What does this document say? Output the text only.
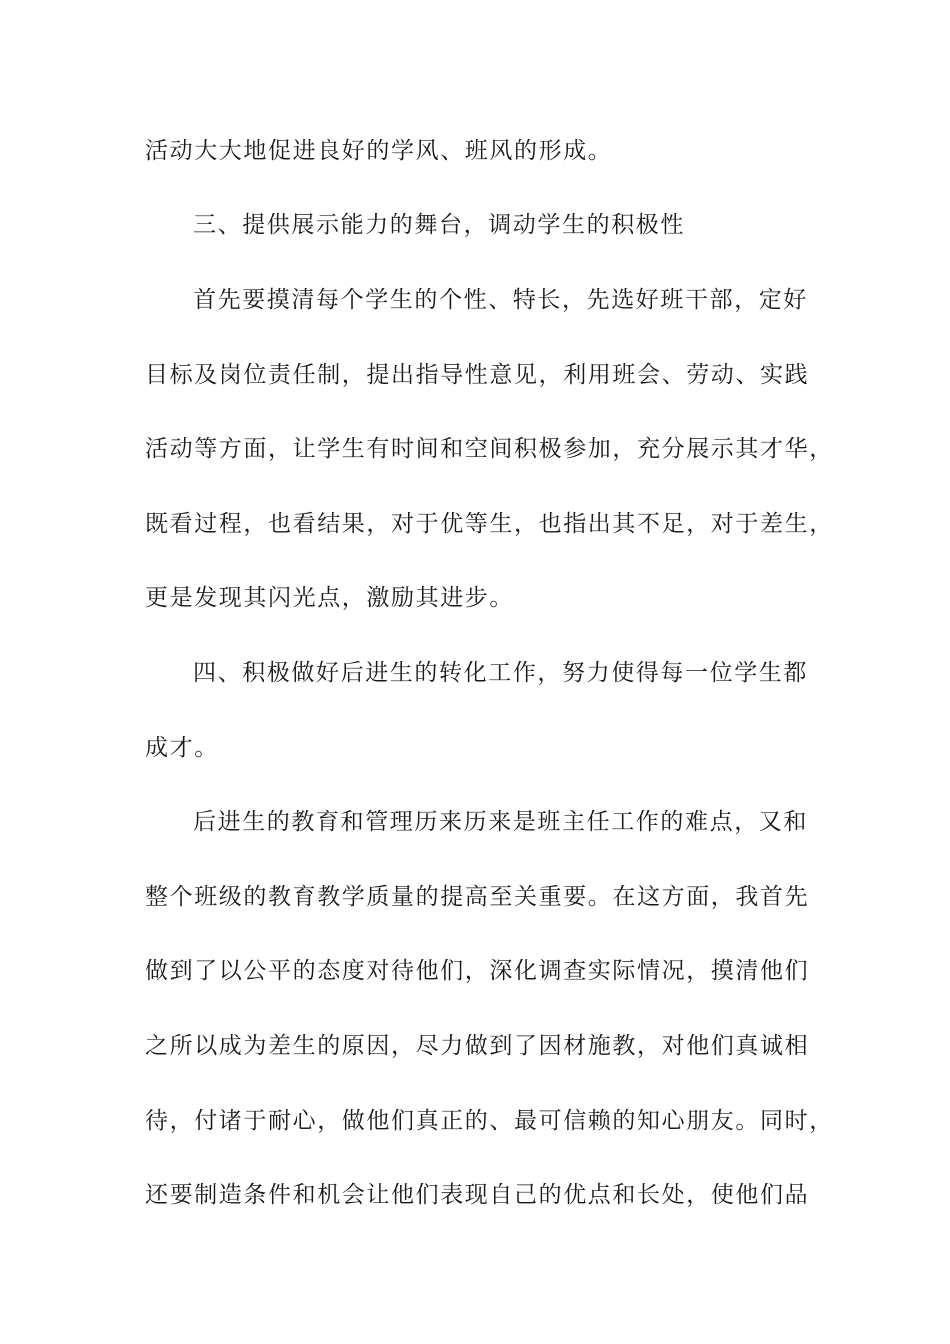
活动大大地促进良好的学风、班风的形成。
三、提供展示能力的舞台，调动学生的积极性
首先要摸清每个学生的个性、特长，先选好班干部，定好
目标及岗位责任制，提出指导性意见，利用班会、劳动、实践
活动等方面，让学生有时间和空间积极参加，充分展示其才华，
既看过程，也看结果，对于优等生，也指出其不足，对于差生，
更是发现其闪光点，激励其进步。
四、积极做好后进生的转化工作，努力使得每一位学生都
成才。
后进生的教育和管理历来历来是班主任工作的难点，又和
整个班级的教育教学质量的提高至关重要。在这方面，我首先
做到了以公平的态度对待他们，深化调查实际情况，摸清他们
之所以成为差生的原因，尽力做到了因材施教，对他们真诚相
待，付诸于耐心，做他们真正的、最可信赖的知心朋友。同时，
还要制造条件和机会让他们表现自己的优点和长处，使他们品
